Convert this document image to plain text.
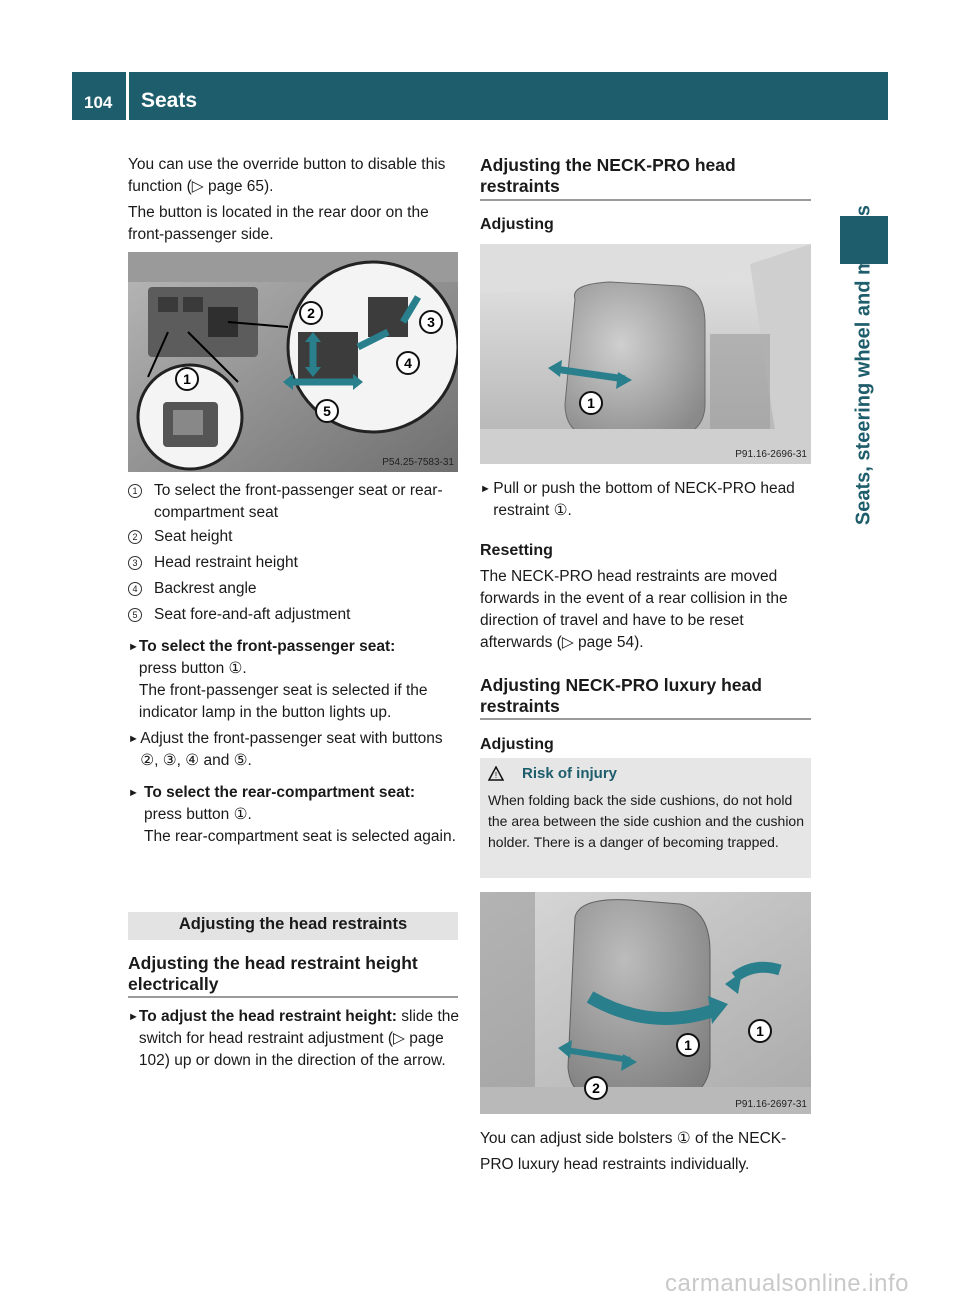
104 Seats
Seats, steering wheel and mirrors
You can use the override button to disable this function (▷ page 65).
The button is located in the rear door on the front-passenger side.
1
2
3
4
5
P54.25-7583-31
1	To select the front-passenger seat or rear-compartment seat
2	Seat height
3	Head restraint height
4	Backrest angle
5	Seat fore-and-aft adjustment
► To select the front-passenger seat:
press button ①.
The front-passenger seat is selected if the indicator lamp in the button lights up.
► Adjust the front-passenger seat with buttons ②, ③, ④ and ⑤.
► To select the rear-compartment seat:
press button ①.
The rear-compartment seat is selected again.
Adjusting the head restraints
Adjusting the head restraint height electrically
► To adjust the head restraint height: slide the switch for head restraint adjustment (▷ page 102) up or down in the direction of the arrow.
Adjusting the NECK-PRO head restraints
Adjusting
1
P91.16-2696-31
► Pull or push the bottom of NECK-PRO head restraint ①.
Resetting
The NECK-PRO head restraints are moved forwards in the event of a rear collision in the direction of travel and have to be reset afterwards (▷ page 54).
Adjusting NECK-PRO luxury head restraints
Adjusting
! Risk of injury
When folding back the side cushions, do not hold the area between the side cushion and the cushion holder. There is a danger of becoming trapped.
1
1
2
P91.16-2697-31
You can adjust side bolsters ① of the NECK-PRO luxury head restraints individually.
carmanualsonline.info
